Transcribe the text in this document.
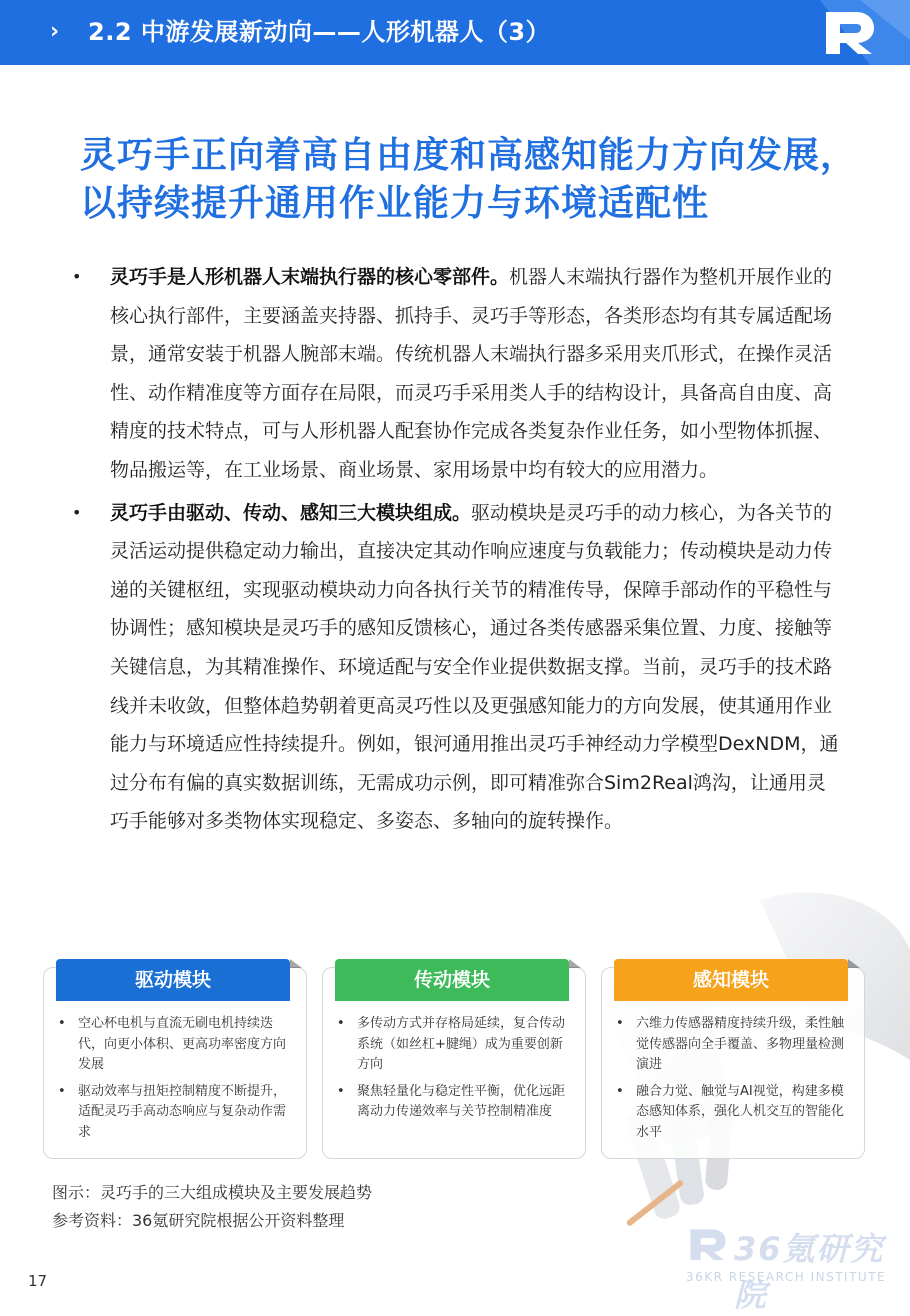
› 2.2 中游发展新动向——人形机器人（3）
灵巧手正向着高自由度和高感知能力方向发展，
以持续提升通用作业能力与环境适配性
• 灵巧手是人形机器人末端执行器的核心零部件。机器人末端执行器作为整机开展作业的核心执行部件，主要涵盖夹持器、抓持手、灵巧手等形态，各类形态均有其专属适配场景，通常安装于机器人腕部末端。传统机器人末端执行器多采用夹爪形式，在操作灵活性、动作精准度等方面存在局限，而灵巧手采用类人手的结构设计，具备高自由度、高精度的技术特点，可与人形机器人配套协作完成各类复杂作业任务，如小型物体抓握、物品搬运等，在工业场景、商业场景、家用场景中均有较大的应用潜力。
• 灵巧手由驱动、传动、感知三大模块组成。驱动模块是灵巧手的动力核心，为各关节的灵活运动提供稳定动力输出，直接决定其动作响应速度与负载能力；传动模块是动力传递的关键枢纽，实现驱动模块动力向各执行关节的精准传导，保障手部动作的平稳性与协调性；感知模块是灵巧手的感知反馈核心，通过各类传感器采集位置、力度、接触等关键信息，为其精准操作、环境适配与安全作业提供数据支撑。当前，灵巧手的技术路线并未收敛，但整体趋势朝着更高灵巧性以及更强感知能力的方向发展，使其通用作业能力与环境适应性持续提升。例如，银河通用推出灵巧手神经动力学模型DexNDM，通过分布有偏的真实数据训练，无需成功示例，即可精准弥合Sim2Real鸿沟，让通用灵巧手能够对多类物体实现稳定、多姿态、多轴向的旋转操作。
驱动模块
• 空心杯电机与直流无刷电机持续迭代，向更小体积、更高功率密度方向发展
• 驱动效率与扭矩控制精度不断提升，适配灵巧手高动态响应与复杂动作需求
传动模块
• 多传动方式并存格局延续，复合传动系统（如丝杠+腱绳）成为重要创新方向
• 聚焦轻量化与稳定性平衡，优化远距离动力传递效率与关节控制精准度
感知模块
• 六维力传感器精度持续升级，柔性触觉传感器向全手覆盖、多物理量检测演进
• 融合力觉、触觉与AI视觉，构建多模态感知体系，强化人机交互的智能化水平
图示：灵巧手的三大组成模块及主要发展趋势
参考资料：36氪研究院根据公开资料整理
36氪研究院
36KR RESEARCH INSTITUTE
17
